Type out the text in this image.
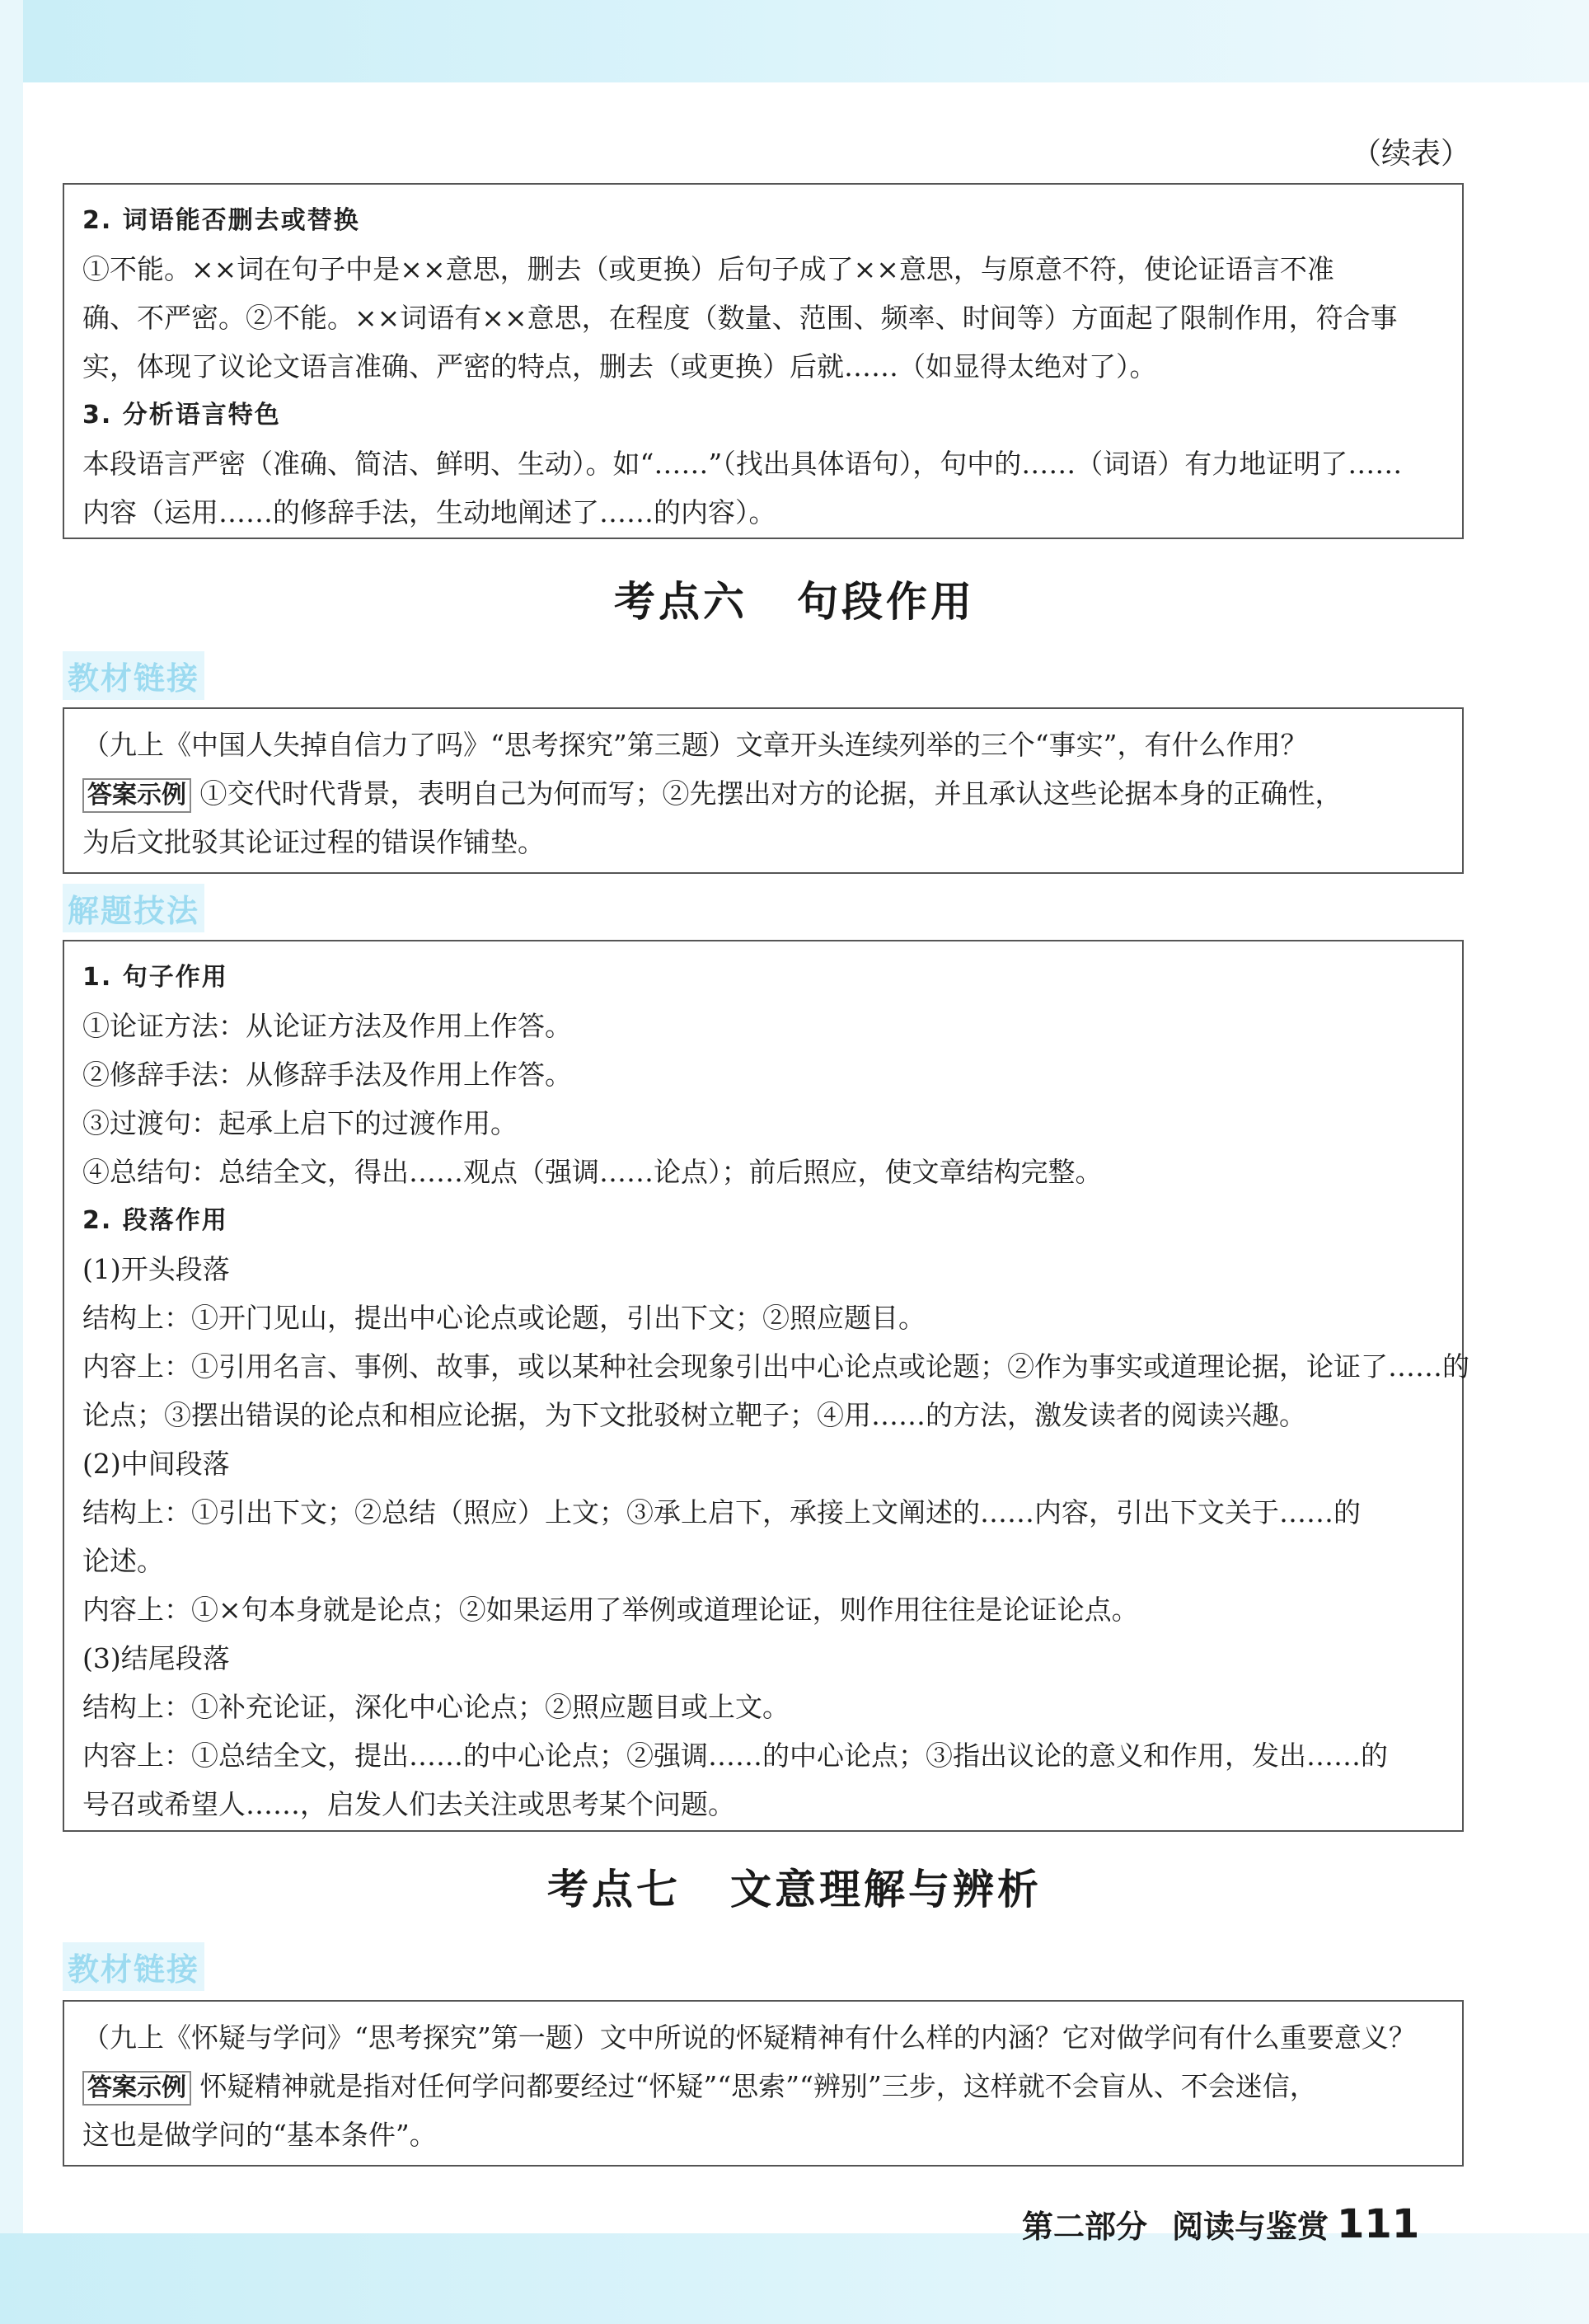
（续表）

2. 词语能否删去或替换

①不能。××词在句子中是××意思，删去（或更换）后句子成了××意思，与原意不符，使论证语言不准

确、不严密。②不能。××词语有××意思，在程度（数量、范围、频率、时间等）方面起了限制作用，符合事

实，体现了议论文语言准确、严密的特点，删去（或更换）后就……（如显得太绝对了）。

3. 分析语言特色

本段语言严密（准确、简洁、鲜明、生动）。如“……”（找出具体语句），句中的……（词语）有力地证明了……

内容（运用……的修辞手法，生动地阐述了……的内容）。

考点六 句段作用
教材链接

（九上《中国人失掉自信力了吗》“思考探究”第三题）文章开头连续列举的三个“事实”，有什么作用？

答案示例 ①交代时代背景，表明自己为何而写；②先摆出对方的论据，并且承认这些论据本身的正确性，

为后文批驳其论证过程的错误作铺垫。

解题技法

1. 句子作用

①论证方法：从论证方法及作用上作答。

②修辞手法：从修辞手法及作用上作答。

③过渡句：起承上启下的过渡作用。

④总结句：总结全文，得出……观点（强调……论点）；前后照应，使文章结构完整。

2. 段落作用

(1)开头段落

结构上：①开门见山，提出中心论点或论题，引出下文；②照应题目。

内容上：①引用名言、事例、故事，或以某种社会现象引出中心论点或论题；②作为事实或道理论据，论证了……的

论点；③摆出错误的论点和相应论据，为下文批驳树立靶子；④用……的方法，激发读者的阅读兴趣。

(2)中间段落

结构上：①引出下文；②总结（照应）上文；③承上启下，承接上文阐述的……内容，引出下文关于……的

论述。

内容上：①×句本身就是论点；②如果运用了举例或道理论证，则作用往往是论证论点。

(3)结尾段落

结构上：①补充论证，深化中心论点；②照应题目或上文。

内容上：①总结全文，提出……的中心论点；②强调……的中心论点；③指出议论的意义和作用，发出……的

号召或希望人……，启发人们去关注或思考某个问题。

考点七 文意理解与辨析
教材链接

（九上《怀疑与学问》“思考探究”第一题）文中所说的怀疑精神有什么样的内涵？它对做学问有什么重要意义？

答案示例 怀疑精神就是指对任何学问都要经过“怀疑”“思索”“辨别”三步，这样就不会盲从、不会迷信，

这也是做学问的“基本条件”。

第二部分 阅读与鉴赏 111
